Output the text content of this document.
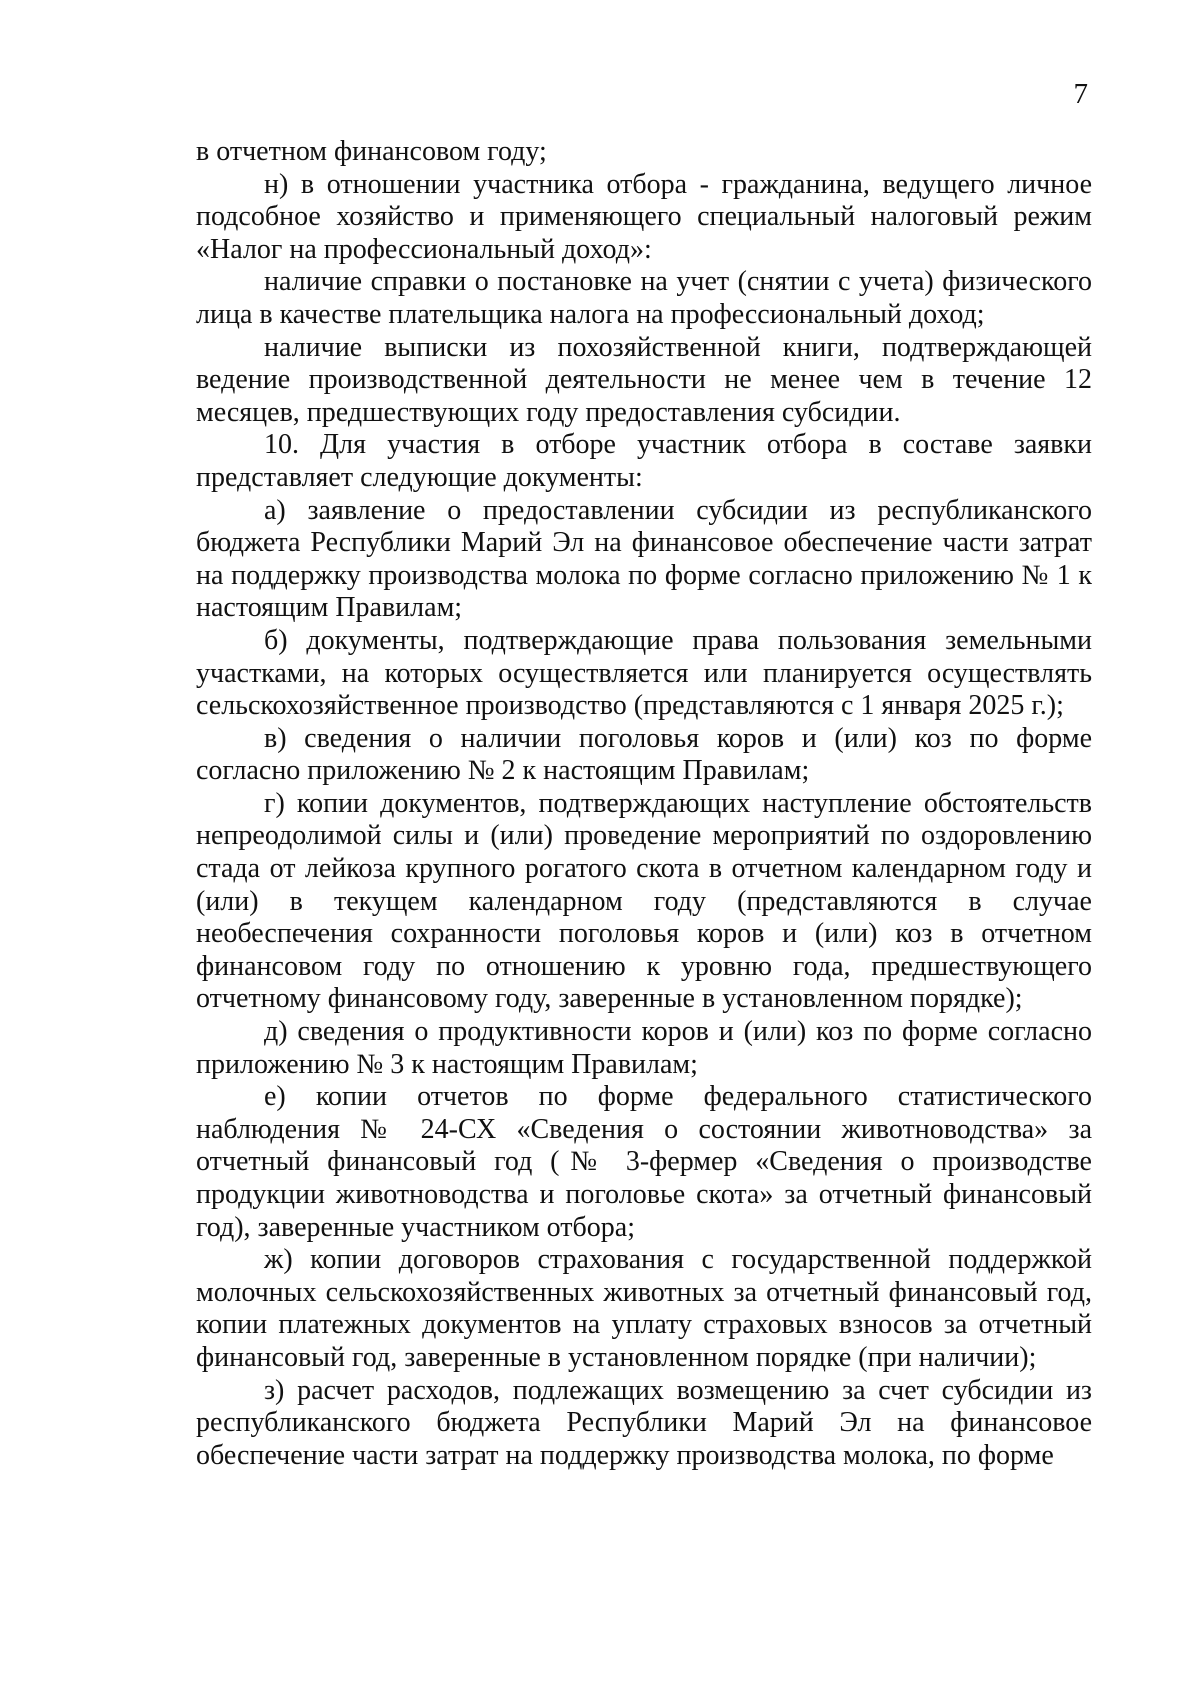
7

в отчетном финансовом году;

н) в отношении участника отбора - гражданина, ведущего личное подсобное хозяйство и применяющего специальный налоговый режим «Налог на профессиональный доход»:

наличие справки о постановке на учет (снятии с учета) физического лица в качестве плательщика налога на профессиональный доход;

наличие выписки из похозяйственной книги, подтверждающей ведение производственной деятельности не менее чем в течение 12 месяцев, предшествующих году предоставления субсидии.

10. Для участия в отборе участник отбора в составе заявки представляет следующие документы:

а) заявление о предоставлении субсидии из республиканского бюджета Республики Марий Эл на финансовое обеспечение части затрат на поддержку производства молока по форме согласно приложению № 1 к настоящим Правилам;

б) документы, подтверждающие права пользования земельными участками, на которых осуществляется или планируется осуществлять сельскохозяйственное производство (представляются с 1 января 2025 г.);

в) сведения о наличии поголовья коров и (или) коз по форме согласно приложению № 2 к настоящим Правилам;

г) копии документов, подтверждающих наступление обстоятельств непреодолимой силы и (или) проведение мероприятий по оздоровлению стада от лейкоза крупного рогатого скота в отчетном календарном году и (или) в текущем календарном году (представляются в случае необеспечения сохранности поголовья коров и (или) коз в отчетном финансовом году по отношению к уровню года, предшествующего отчетному финансовому году, заверенные в установленном порядке);

д) сведения о продуктивности коров и (или) коз по форме согласно приложению № 3 к настоящим Правилам;

е) копии отчетов по форме федерального статистического наблюдения № 24-СХ «Сведения о состоянии животноводства» за отчетный финансовый год (№ 3-фермер «Сведения о производстве продукции животноводства и поголовье скота» за отчетный финансовый год), заверенные участником отбора;

ж) копии договоров страхования с государственной поддержкой молочных сельскохозяйственных животных за отчетный финансовый год, копии платежных документов на уплату страховых взносов за отчетный финансовый год, заверенные в установленном порядке (при наличии);

з) расчет расходов, подлежащих возмещению за счет субсидии из республиканского бюджета Республики Марий Эл на финансовое обеспечение части затрат на поддержку производства молока, по форме
